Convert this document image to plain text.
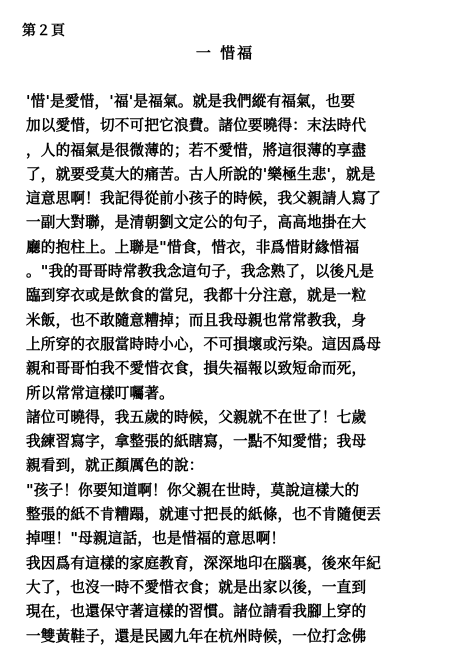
第２頁
一 惜福
'惜'是愛惜，'福'是福氣。就是我們縱有福氣，也要
加以愛惜，切不可把它浪費。諸位要曉得：末法時代
，人的福氣是很微薄的；若不愛惜，將這很薄的享盡
了，就要受莫大的痛苦。古人所說的'樂極生悲'，就是
這意思啊！我記得從前小孩子的時候，我父親請人寫了
一副大對聯，是清朝劉文定公的句子，高高地掛在大
廳的抱柱上。上聯是"惜食，惜衣，非爲惜財緣惜福
。"我的哥哥時常教我念這句子，我念熟了，以後凡是
臨到穿衣或是飲食的當兒，我都十分注意，就是一粒
米飯，也不敢隨意糟掉；而且我母親也常常教我，身
上所穿的衣服當時時小心，不可損壞或污染。這因爲母
親和哥哥怕我不愛惜衣食，損失福報以致短命而死，
所以常常這樣叮囑著。
諸位可曉得，我五歲的時候，父親就不在世了！七歲
我練習寫字，拿整張的紙瞎寫，一點不知愛惜；我母
親看到，就正顏厲色的說：
"孩子！你要知道啊！你父親在世時，莫說這樣大的
整張的紙不肯糟蹋，就連寸把長的紙條，也不肯隨便丟
掉哩！"母親這話，也是惜福的意思啊！
我因爲有這樣的家庭教育，深深地印在腦裏，後來年紀
大了，也沒一時不愛惜衣食；就是出家以後，一直到
現在，也還保守著這樣的習慣。諸位請看我腳上穿的
一雙黃鞋子，還是民國九年在杭州時候，一位打念佛
